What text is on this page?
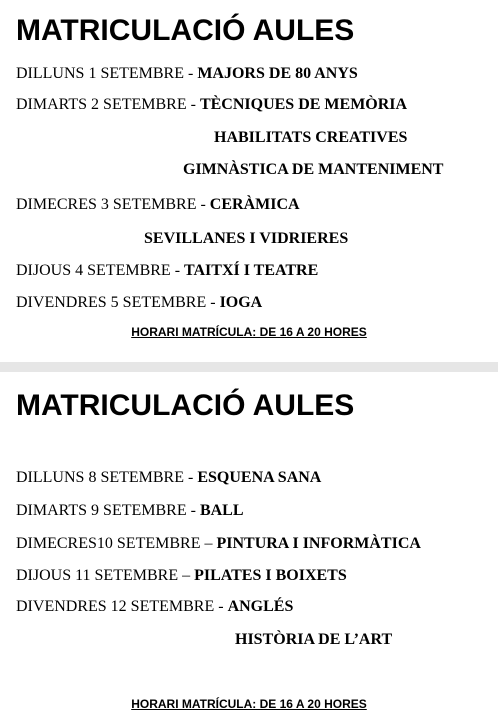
MATRICULACIÓ AULES
DILLUNS 1 SETEMBRE - MAJORS DE 80 ANYS
DIMARTS 2 SETEMBRE - TÈCNIQUES DE MEMÒRIA
HABILITATS CREATIVES
GIMNÀSTICA DE MANTENIMENT
DIMECRES 3 SETEMBRE - CERÀMICA
SEVILLANES I VIDRIERES
DIJOUS 4 SETEMBRE - TAITXÍ I TEATRE
DIVENDRES 5 SETEMBRE - IOGA
HORARI MATRÍCULA: DE 16 A 20 HORES
MATRICULACIÓ AULES
DILLUNS 8 SETEMBRE - ESQUENA SANA
DIMARTS 9 SETEMBRE - BALL
DIMECRES10 SETEMBRE – PINTURA I INFORMÀTICA
DIJOUS 11 SETEMBRE – PILATES I BOIXETS
DIVENDRES 12 SETEMBRE - ANGLÉS
HISTÒRIA DE L’ART
HORARI MATRÍCULA: DE 16 A 20 HORES
